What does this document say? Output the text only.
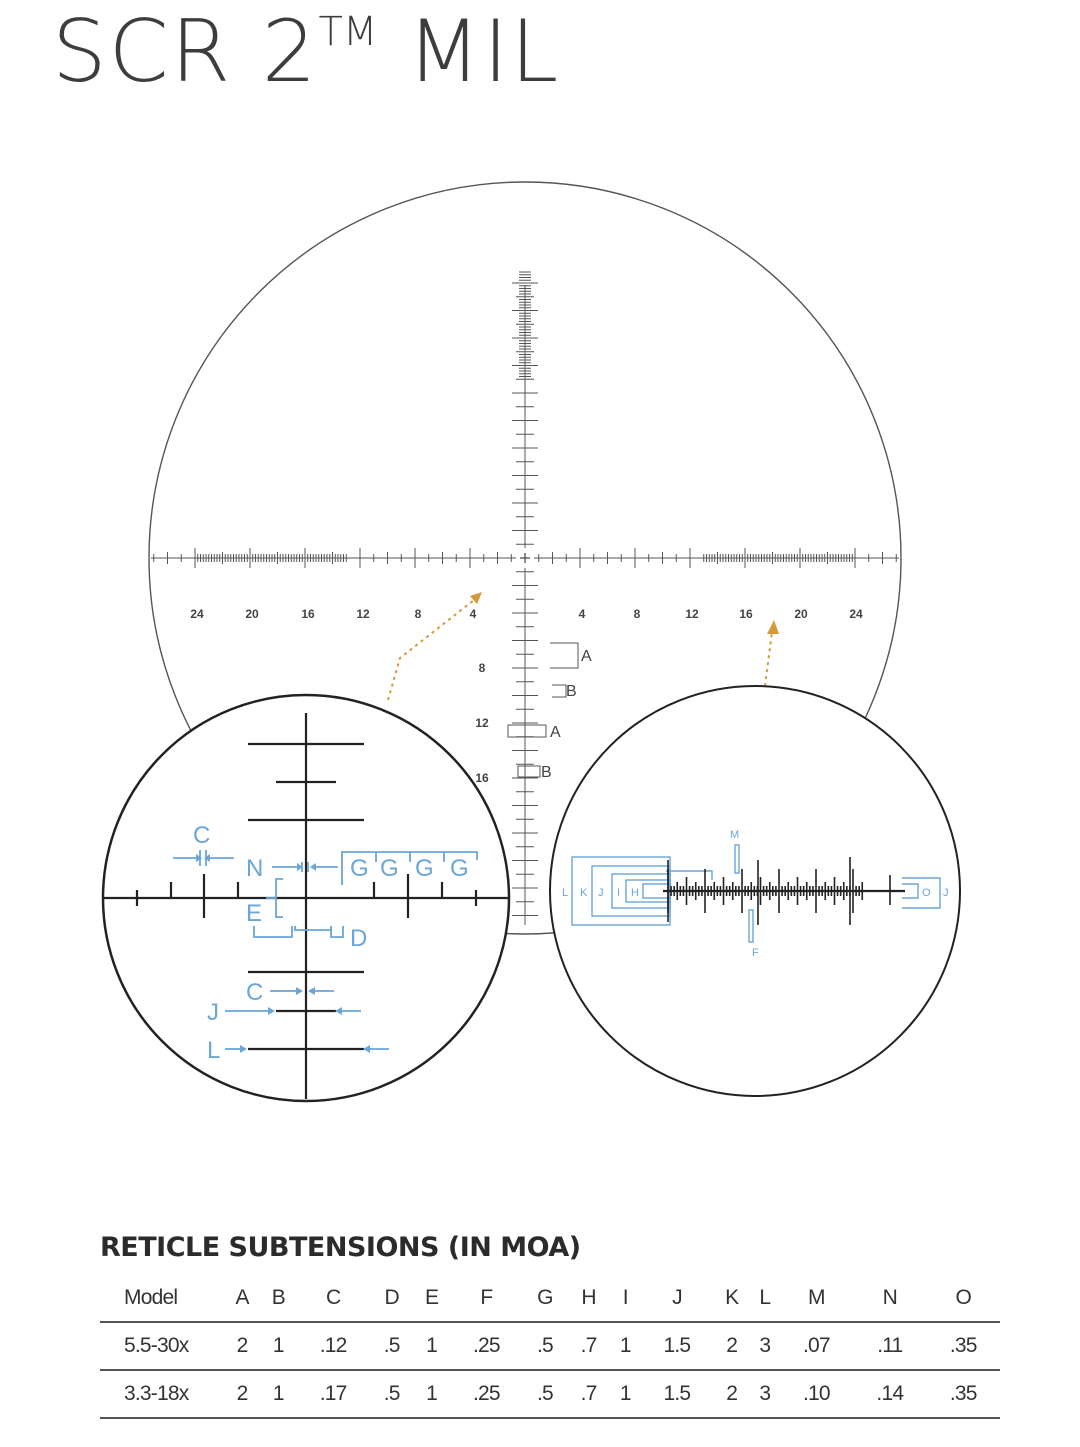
SCR 2™ MIL
24	20	16	12	8	4	4	8	12	16	20	24
8
12
16
A
B
A
B
C
N	G G G G
E
D
C
J
L
L K J I H
M
F
O J
RETICLE SUBTENSIONS (IN MOA)
Model	A	B	C	D	E	F	G	H	I	J	K	L	M	N	O
5.5-30x	2	1	.12	.5	1	.25	.5	.7	1	1.5	2	3	.07	.11	.35
3.3-18x	2	1	.17	.5	1	.25	.5	.7	1	1.5	2	3	.10	.14	.35
